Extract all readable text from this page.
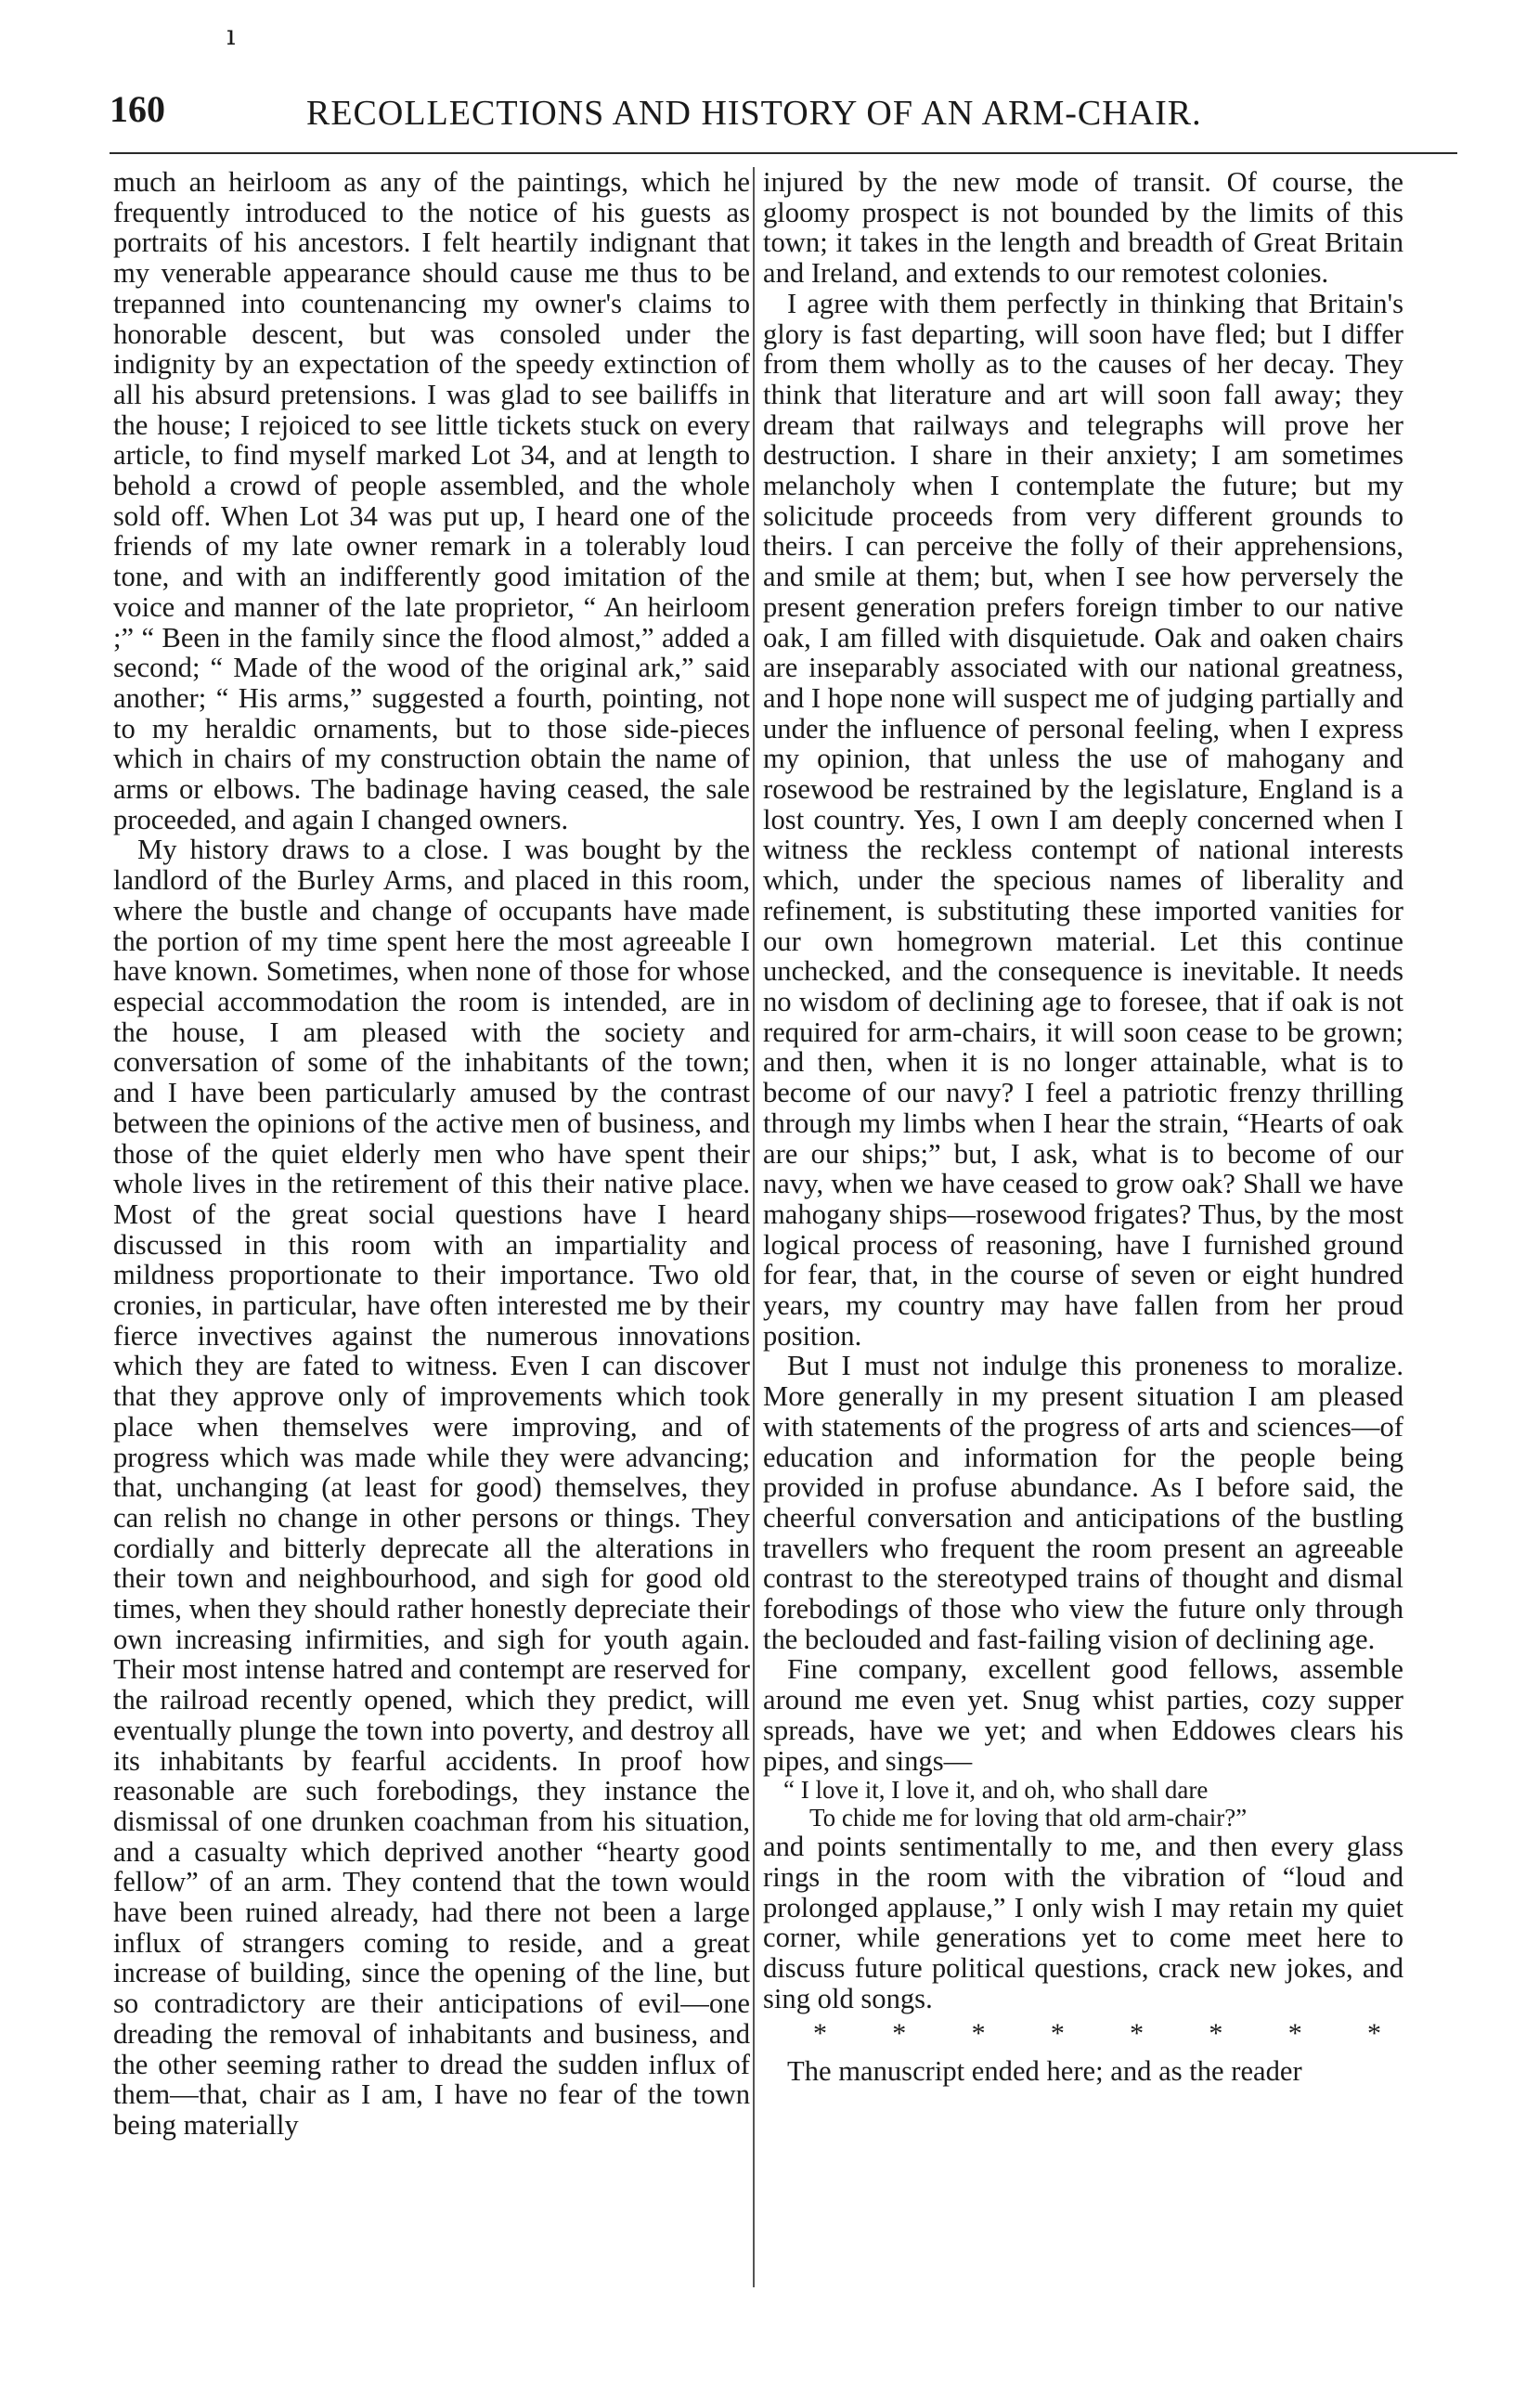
ı
160	RECOLLECTIONS AND HISTORY OF AN ARM-CHAIR.

much an heirloom as any of the paintings, which he frequently introduced to the notice of his guests as portraits of his ancestors. I felt heartily indignant that my venerable appearance should cause me thus to be trepanned into countenancing my owner's claims to honorable descent, but was consoled under the indignity by an expectation of the speedy extinction of all his absurd pretensions. I was glad to see bailiffs in the house; I rejoiced to see little tickets stuck on every article, to find myself marked Lot 34, and at length to behold a crowd of people assembled, and the whole sold off. When Lot 34 was put up, I heard one of the friends of my late owner remark in a tolerably loud tone, and with an indifferently good imitation of the voice and manner of the late proprietor, “ An heirloom ;” “ Been in the family since the flood almost,” added a second; “ Made of the wood of the original ark,” said another; “ His arms,” suggested a fourth, pointing, not to my heraldic ornaments, but to those side-pieces which in chairs of my construction obtain the name of arms or elbows. The badinage having ceased, the sale proceeded, and again I changed owners.

My history draws to a close. I was bought by the landlord of the Burley Arms, and placed in this room, where the bustle and change of occupants have made the portion of my time spent here the most agreeable I have known. Sometimes, when none of those for whose especial accommodation the room is intended, are in the house, I am pleased with the society and conversation of some of the inhabitants of the town; and I have been particularly amused by the contrast between the opinions of the active men of business, and those of the quiet elderly men who have spent their whole lives in the retirement of this their native place. Most of the great social questions have I heard discussed in this room with an impartiality and mildness proportionate to their importance. Two old cronies, in particular, have often interested me by their fierce invectives against the numerous innovations which they are fated to witness. Even I can discover that they approve only of improvements which took place when themselves were improving, and of progress which was made while they were advancing; that, unchanging (at least for good) themselves, they can relish no change in other persons or things. They cordially and bitterly deprecate all the alterations in their town and neighbourhood, and sigh for good old times, when they should rather honestly depreciate their own increasing infirmities, and sigh for youth again. Their most intense hatred and contempt are reserved for the railroad recently opened, which they predict, will eventually plunge the town into poverty, and destroy all its inhabitants by fearful accidents. In proof how reasonable are such forebodings, they instance the dismissal of one drunken coachman from his situation, and a casualty which deprived another “hearty good fellow” of an arm. They contend that the town would have been ruined already, had there not been a large influx of strangers coming to reside, and a great increase of building, since the opening of the line, but so contradictory are their anticipations of evil—one dreading the removal of inhabitants and business, and the other seeming rather to dread the sudden influx of them—that, chair as I am, I have no fear of the town being materially

injured by the new mode of transit. Of course, the gloomy prospect is not bounded by the limits of this town; it takes in the length and breadth of Great Britain and Ireland, and extends to our remotest colonies.

I agree with them perfectly in thinking that Britain's glory is fast departing, will soon have fled; but I differ from them wholly as to the causes of her decay. They think that literature and art will soon fall away; they dream that railways and telegraphs will prove her destruction. I share in their anxiety; I am sometimes melancholy when I contemplate the future; but my solicitude proceeds from very different grounds to theirs. I can perceive the folly of their apprehensions, and smile at them; but, when I see how perversely the present generation prefers foreign timber to our native oak, I am filled with disquietude. Oak and oaken chairs are inseparably associated with our national greatness, and I hope none will suspect me of judging partially and under the influence of personal feeling, when I express my opinion, that unless the use of mahogany and rosewood be restrained by the legislature, England is a lost country. Yes, I own I am deeply concerned when I witness the reckless contempt of national interests which, under the specious names of liberality and refinement, is substituting these imported vanities for our own homegrown material. Let this continue unchecked, and the consequence is inevitable. It needs no wisdom of declining age to foresee, that if oak is not required for arm-chairs, it will soon cease to be grown; and then, when it is no longer attainable, what is to become of our navy? I feel a patriotic frenzy thrilling through my limbs when I hear the strain, “Hearts of oak are our ships;” but, I ask, what is to become of our navy, when we have ceased to grow oak? Shall we have mahogany ships—rosewood frigates? Thus, by the most logical process of reasoning, have I furnished ground for fear, that, in the course of seven or eight hundred years, my country may have fallen from her proud position.

But I must not indulge this proneness to moralize. More generally in my present situation I am pleased with statements of the progress of arts and sciences—of education and information for the people being provided in profuse abundance. As I before said, the cheerful conversation and anticipations of the bustling travellers who frequent the room present an agreeable contrast to the stereotyped trains of thought and dismal forebodings of those who view the future only through the beclouded and fast-failing vision of declining age.

Fine company, excellent good fellows, assemble around me even yet. Snug whist parties, cozy supper spreads, have we yet; and when Eddowes clears his pipes, and sings—

“ I love it, I love it, and oh, who shall dare
To chide me for loving that old arm-chair?”

and points sentimentally to me, and then every glass rings in the room with the vibration of “loud and prolonged applause,” I only wish I may retain my quiet corner, while generations yet to come meet here to discuss future political questions, crack new jokes, and sing old songs.

* * * * * * * *

The manuscript ended here; and as the reader
